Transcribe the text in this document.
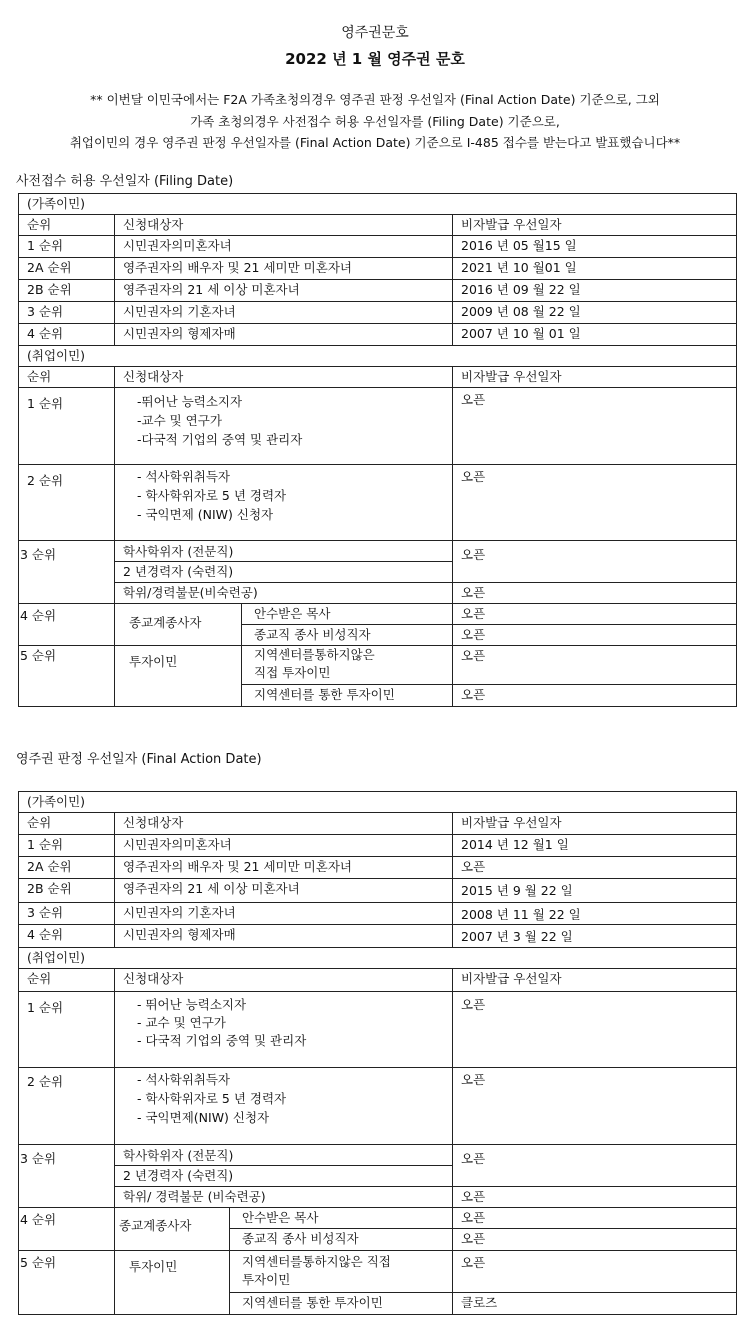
영주권문호
2022 년 1 월 영주권 문호
** 이번달 이민국에서는 F2A 가족초청의경우 영주권 판정 우선일자 (Final Action Date) 기준으로, 그외
가족 초청의경우 사전접수 허용 우선일자를 (Filing Date) 기준으로,
취업이민의 경우 영주권 판정 우선일자를 (Final Action Date) 기준으로 I-485 접수를 받는다고 발표했습니다**
사전접수 허용 우선일자 (Filing Date)
(가족이민)			
순위	신청대상자		비자발급 우선일자
1 순위	시민권자의미혼자녀		2016 년 05 월15 일
2A 순위	영주권자의 배우자 및 21 세미만 미혼자녀		2021 년 10 월01 일
2B 순위	영주권자의 21 세 이상 미혼자녀		2016 년 09 월 22 일
3 순위	시민권자의 기혼자녀		2009 년 08 월 22 일
4 순위	시민권자의 형제자매		2007 년 10 월 01 일
(취업이민)			
순위	신청대상자		비자발급 우선일자
1 순위	-뛰어난 능력소지자
-교수 및 연구가
-다국적 기업의 중역 및 관리자		오픈
2 순위	- 석사학위취득자
- 학사학위자로 5 년 경력자
- 국익면제 (NIW) 신청자		오픈
3 순위	학사학위자 (전문직)		오픈
	2 년경력자 (숙련직)		
	학위/경력불문(비숙련공)		오픈
4 순위	종교계종사자	안수받은 목사	오픈
		종교직 종사 비성직자	오픈
5 순위	투자이민	지역센터를통하지않은
직접 투자이민	오픈
		지역센터를 통한 투자이민	오픈
영주권 판정 우선일자 (Final Action Date)
(가족이민)			
순위	신청대상자		비자발급 우선일자
1 순위	시민권자의미혼자녀		2014 년 12 월1 일
2A 순위	영주권자의 배우자 및 21 세미만 미혼자녀		오픈
2B 순위	영주권자의 21 세 이상 미혼자녀		2015 년 9 월 22 일
3 순위	시민권자의 기혼자녀		2008 년 11 월 22 일
4 순위	시민권자의 형제자매		2007 년 3 월 22 일
(취업이민)			
순위	신청대상자		비자발급 우선일자
1 순위	- 뛰어난 능력소지자
- 교수 및 연구가
- 다국적 기업의 중역 및 관리자		오픈
2 순위	- 석사학위취득자
- 학사학위자로 5 년 경력자
- 국익면제(NIW) 신청자		오픈
3 순위	학사학위자 (전문직)		오픈
	2 년경력자 (숙련직)		
	학위/ 경력불문 (비숙련공)		오픈
4 순위	종교계종사자	안수받은 목사	오픈
		종교직 종사 비성직자	오픈
5 순위	투자이민	지역센터를통하지않은 직접
투자이민	오픈
		지역센터를 통한 투자이민	클로즈
